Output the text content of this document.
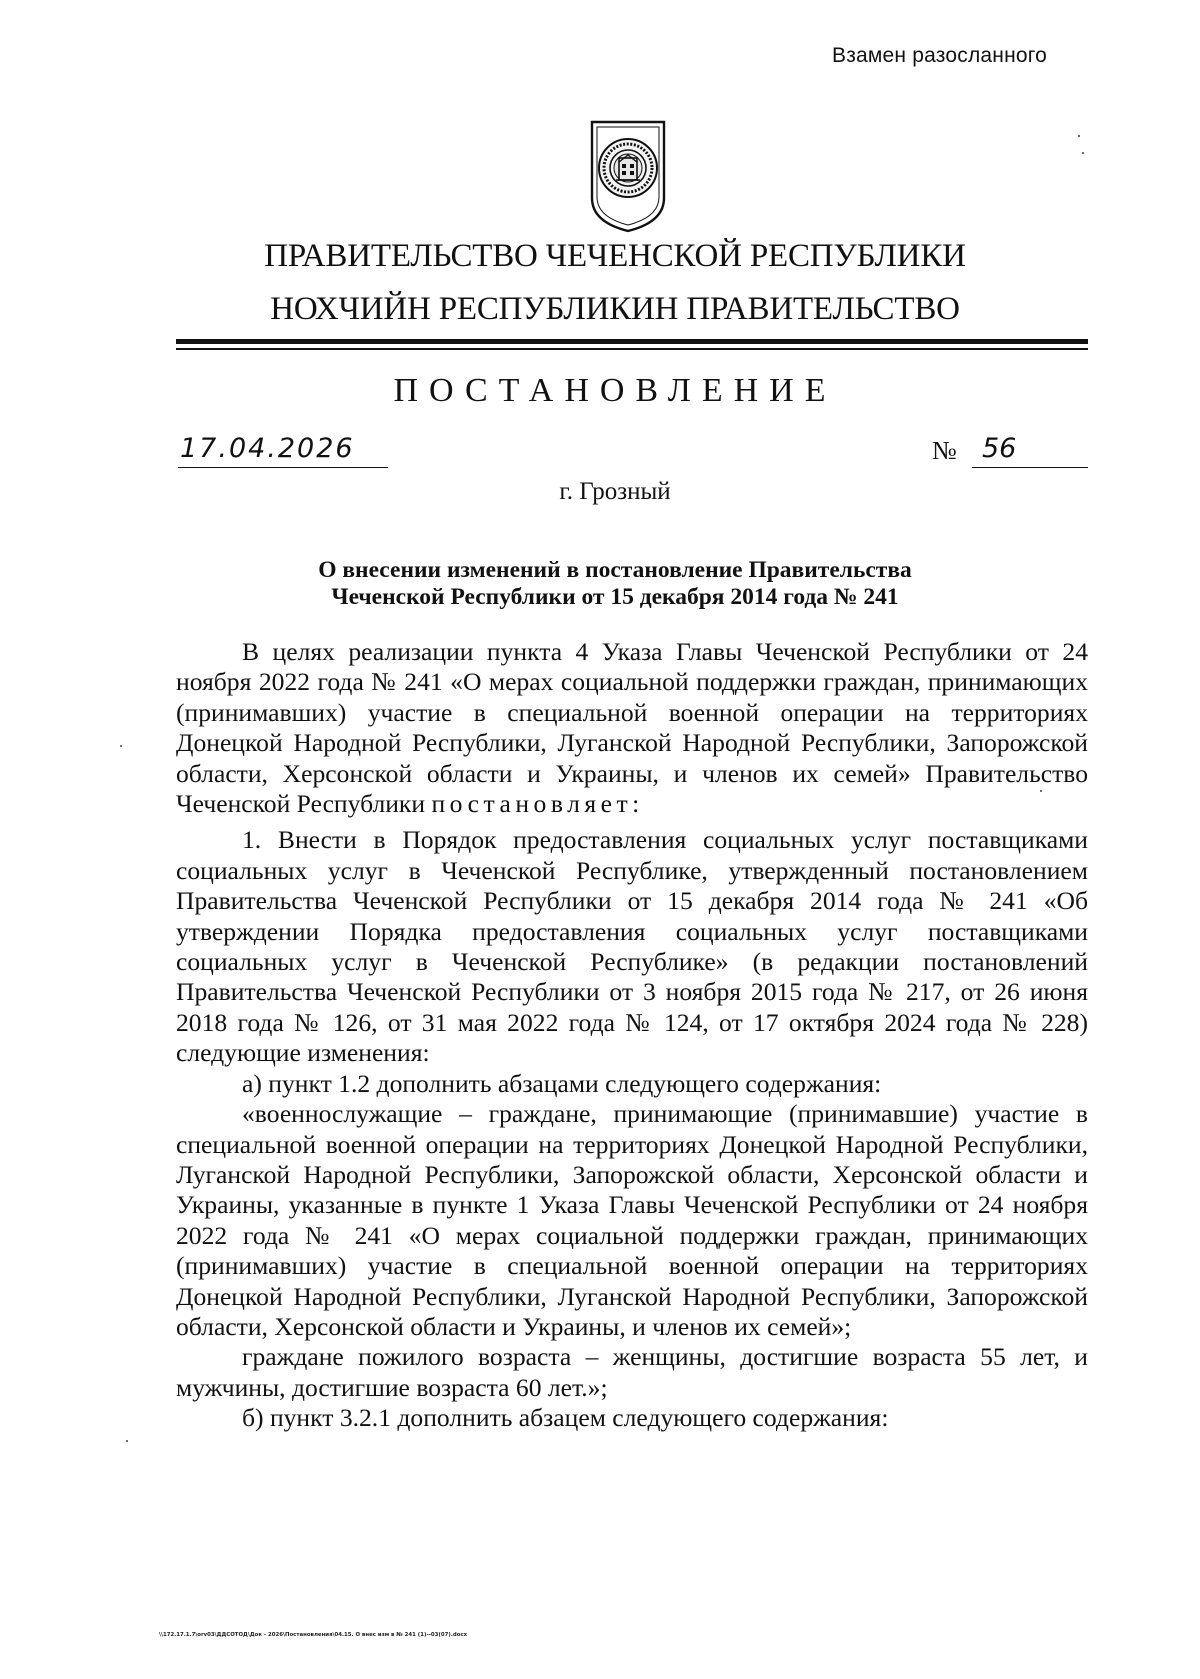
Взамен разосланного
ПРАВИТЕЛЬСТВО ЧЕЧЕНСКОЙ РЕСПУБЛИКИ
НОХЧИЙН РЕСПУБЛИКИН ПРАВИТЕЛЬСТВО
ПОСТАНОВЛЕНИЕ
17.04.2026	№ 56
г. Грозный
О внесении изменений в постановление Правительства
Чеченской Республики от 15 декабря 2014 года № 241

В целях реализации пункта 4 Указа Главы Чеченской Республики от 24 ноября 2022 года № 241 «О мерах социальной поддержки граждан, принимающих (принимавших) участие в специальной военной операции на территориях Донецкой Народной Республики, Луганской Народной Республики, Запорожской области, Херсонской области и Украины, и членов их семей» Правительство Чеченской Республики постановляет:

1. Внести в Порядок предоставления социальных услуг поставщиками социальных услуг в Чеченской Республике, утвержденный постановлением Правительства Чеченской Республики от 15 декабря 2014 года № 241 «Об утверждении Порядка предоставления социальных услуг поставщиками социальных услуг в Чеченской Республике» (в редакции постановлений Правительства Чеченской Республики от 3 ноября 2015 года № 217, от 26 июня 2018 года № 126, от 31 мая 2022 года № 124, от 17 октября 2024 года № 228) следующие изменения:

а) пункт 1.2 дополнить абзацами следующего содержания:

«военнослужащие – граждане, принимающие (принимавшие) участие в специальной военной операции на территориях Донецкой Народной Республики, Луганской Народной Республики, Запорожской области, Херсонской области и Украины, указанные в пункте 1 Указа Главы Чеченской Республики от 24 ноября 2022 года № 241 «О мерах социальной поддержки граждан, принимающих (принимавших) участие в специальной военной операции на территориях Донецкой Народной Республики, Луганской Народной Республики, Запорожской области, Херсонской области и Украины, и членов их семей»;

граждане пожилого возраста – женщины, достигшие возраста 55 лет, и мужчины, достигшие возраста 60 лет.»;

б) пункт 3.2.1 дополнить абзацем следующего содержания:

\\172.17.1.7\orv03\ДДСОТОД\Док - 2026\Постановления\04.15. О внес изм в № 241 (1)--03(07).docx
